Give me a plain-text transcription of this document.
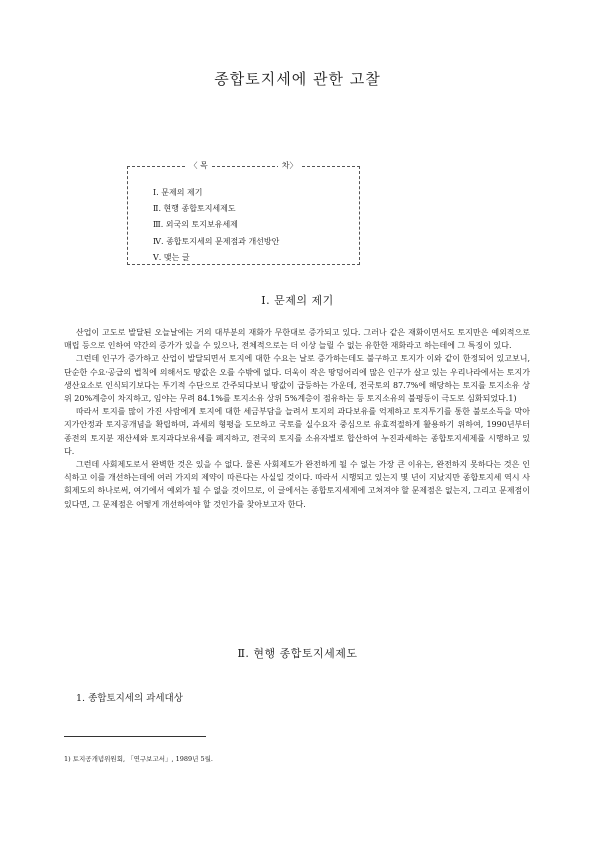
종합토지세에 관한 고찰
〈 목	차〉
Ⅰ. 문제의 제기
Ⅱ. 현행 종합토지세제도
Ⅲ. 외국의 토지보유세제
Ⅳ. 종합토지세의 문제점과 개선방안
Ⅴ. 맺는 글
Ⅰ. 문제의 제기

산업이 고도로 발달된 오늘날에는 거의 대부분의 재화가 무한대로 증가되고 있다. 그러나 같은 재화이면서도 토지만은 예외적으로 매립 등으로 인하여 약간의 증가가 있을 수 있으나, 전체적으로는 더 이상 늘릴 수 없는 유한한 재화라고 하는데에 그 특징이 있다.

그런데 인구가 증가하고 산업이 발달되면서 토지에 대한 수요는 날로 증가하는데도 불구하고 토지가 이와 같이 한정되어 있고보니, 단순한 수요·공급의 법칙에 의해서도 땅값은 오를 수밖에 없다. 더욱이 작은 땅덩어리에 많은 인구가 살고 있는 우리나라에서는 토지가 생산요소로 인식되기보다는 투기적 수단으로 간주되다보니 땅값이 급등하는 가운데, 전국토의 87.7%에 해당하는 토지를 토지소유 상위 20%계층이 차지하고, 임야는 무려 84.1%를 토지소유 상위 5%계층이 점유하는 등 토지소유의 불평등이 극도로 심화되었다.1)

따라서 토지를 많이 가진 사람에게 토지에 대한 세금부담을 늘려서 토지의 과다보유를 억제하고 토지투기를 통한 불로소득을 막아 지가안정과 토지공개념을 확립하며, 과세의 형평을 도모하고 국토를 실수요자 중심으로 유효적절하게 활용하기 위하여, 1990년부터 종전의 토지분 재산세와 토지과다보유세를 폐지하고, 전국의 토지를 소유자별로 합산하여 누진과세하는 종합토지세제를 시행하고 있다.

그런데 사회제도로서 완벽한 것은 있을 수 없다. 물론 사회제도가 완전하게 될 수 없는 가장 큰 이유는, 완전하지 못하다는 것은 인식하고 이를 개선하는데에 여러 가지의 제약이 따른다는 사실일 것이다. 따라서 시행되고 있는지 몇 년이 지났지만 종합토지세 역시 사회제도의 하나로써, 여기에서 예외가 될 수 없을 것이므로, 이 글에서는 종합토지세제에 고쳐져야 할 문제점은 없는지, 그리고 문제점이 있다면, 그 문제점은 어떻게 개선하여야 할 것인가를 찾아보고자 한다.

Ⅱ. 현행 종합토지세제도
1. 종합토지세의 과세대상
1) 토지공개념위원회, 「연구보고서」, 1989년 5월.
